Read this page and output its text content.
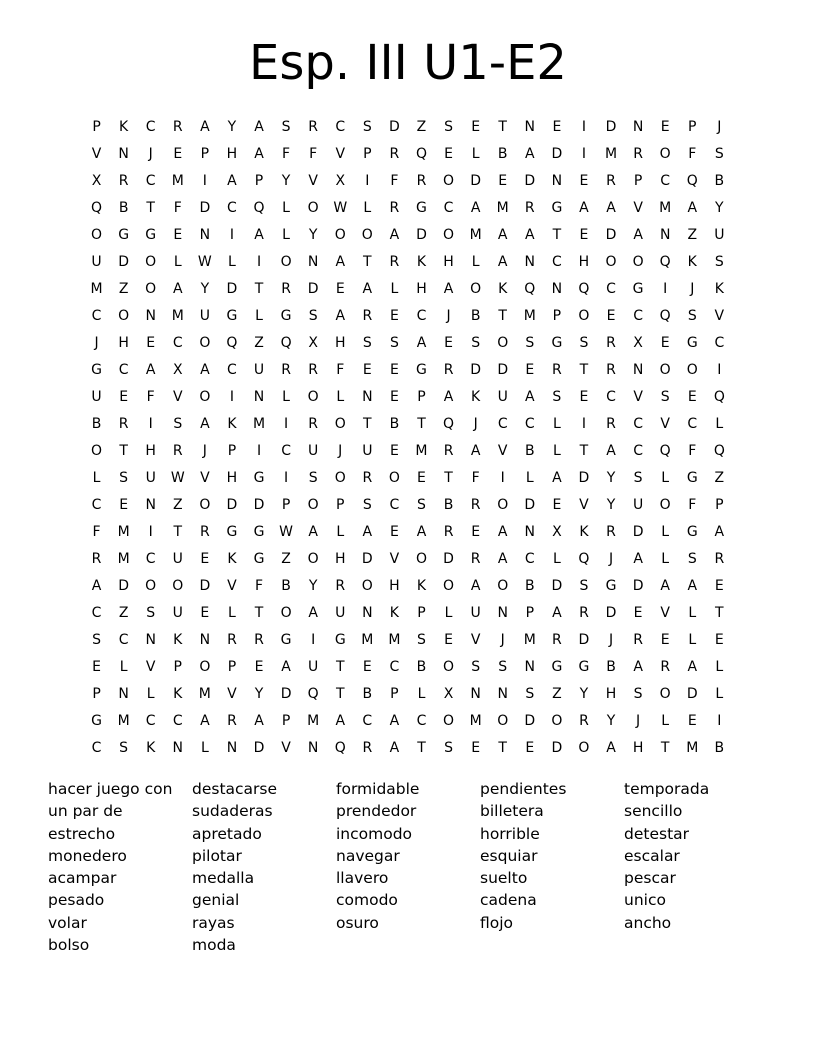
Esp. III U1-E2
P	K	C	R	A	Y	A	S	R	C	S	D	Z	S	E	T	N	E	I	D	N	E	P	J
V	N	J	E	P	H	A	F	F	V	P	R	Q	E	L	B	A	D	I	M	R	O	F	S
X	R	C	M	I	A	P	Y	V	X	I	F	R	O	D	E	D	N	E	R	P	C	Q	B
Q	B	T	F	D	C	Q	L	O	W	L	R	G	C	A	M	R	G	A	A	V	M	A	Y
O	G	G	E	N	I	A	L	Y	O	O	A	D	O	M	A	A	T	E	D	A	N	Z	U
U	D	O	L	W	L	I	O	N	A	T	R	K	H	L	A	N	C	H	O	O	Q	K	S
M	Z	O	A	Y	D	T	R	D	E	A	L	H	A	O	K	Q	N	Q	C	G	I	J	K
C	O	N	M	U	G	L	G	S	A	R	E	C	J	B	T	M	P	O	E	C	Q	S	V
J	H	E	C	O	Q	Z	Q	X	H	S	S	A	E	S	O	S	G	S	R	X	E	G	C
G	C	A	X	A	C	U	R	R	F	E	E	G	R	D	D	E	R	T	R	N	O	O	I
U	E	F	V	O	I	N	L	O	L	N	E	P	A	K	U	A	S	E	C	V	S	E	Q
B	R	I	S	A	K	M	I	R	O	T	B	T	Q	J	C	C	L	I	R	C	V	C	L
O	T	H	R	J	P	I	C	U	J	U	E	M	R	A	V	B	L	T	A	C	Q	F	Q
L	S	U	W	V	H	G	I	S	O	R	O	E	T	F	I	L	A	D	Y	S	L	G	Z
C	E	N	Z	O	D	D	P	O	P	S	C	S	B	R	O	D	E	V	Y	U	O	F	P
F	M	I	T	R	G	G	W	A	L	A	E	A	R	E	A	N	X	K	R	D	L	G	A
R	M	C	U	E	K	G	Z	O	H	D	V	O	D	R	A	C	L	Q	J	A	L	S	R
A	D	O	O	D	V	F	B	Y	R	O	H	K	O	A	O	B	D	S	G	D	A	A	E
C	Z	S	U	E	L	T	O	A	U	N	K	P	L	U	N	P	A	R	D	E	V	L	T
S	C	N	K	N	R	R	G	I	G	M	M	S	E	V	J	M	R	D	J	R	E	L	E
E	L	V	P	O	P	E	A	U	T	E	C	B	O	S	S	N	G	G	B	A	R	A	L
P	N	L	K	M	V	Y	D	Q	T	B	P	L	X	N	N	S	Z	Y	H	S	O	D	L
G	M	C	C	A	R	A	P	M	A	C	A	C	O	M	O	D	O	R	Y	J	L	E	I
C	S	K	N	L	N	D	V	N	Q	R	A	T	S	E	T	E	D	O	A	H	T	M	B
hacer juego con
un par de
estrecho
monedero
acampar
pesado
volar
bolso
destacarse
sudaderas
apretado
pilotar
medalla
genial
rayas
moda
formidable
prendedor
incomodo
navegar
llavero
comodo
osuro
pendientes
billetera
horrible
esquiar
suelto
cadena
flojo
temporada
sencillo
detestar
escalar
pescar
unico
ancho
